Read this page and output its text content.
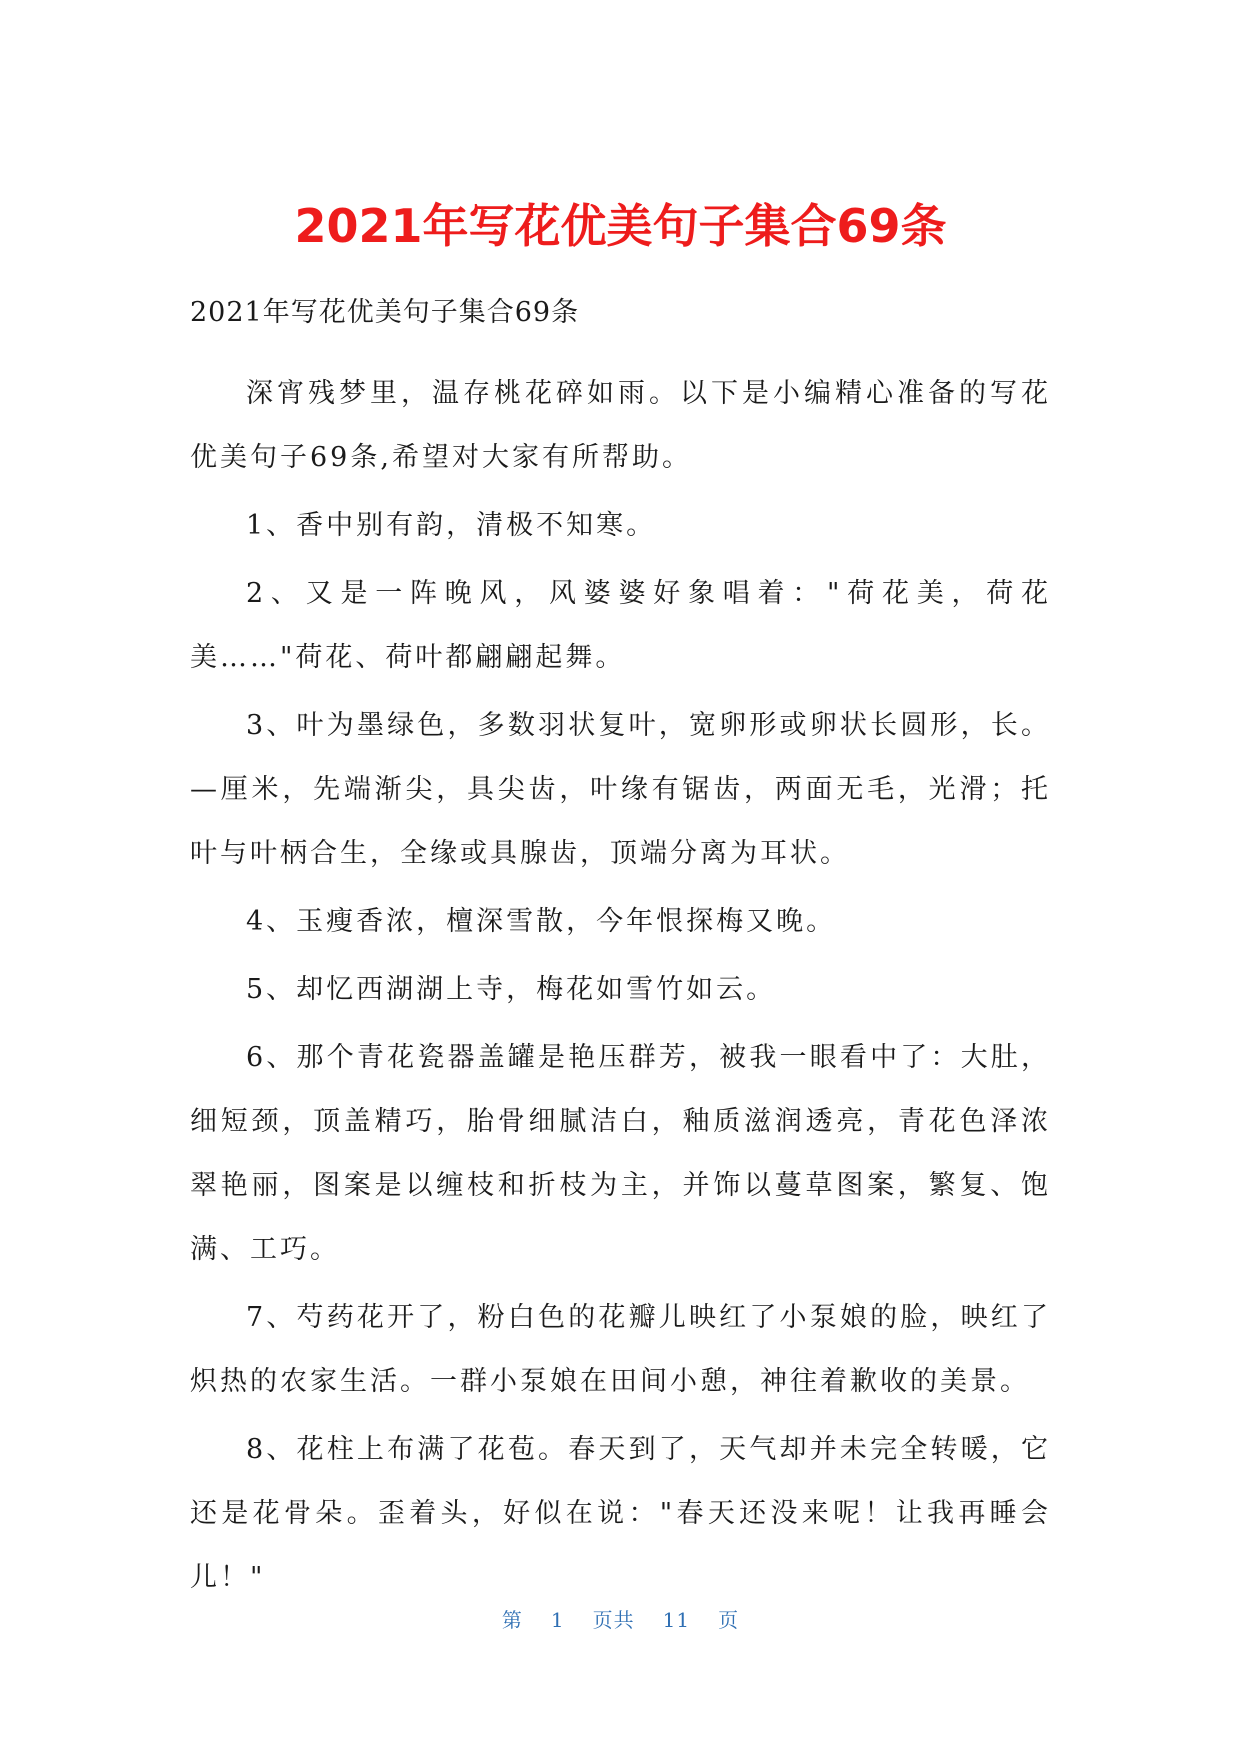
2021年写花优美句子集合69条

2021年写花优美句子集合69条

深宵残梦里，温存桃花碎如雨。以下是小编精心准备的写花优美句子69条,希望对大家有所帮助。

1、香中别有韵，清极不知寒。

2、又是一阵晚风，风婆婆好象唱着："荷花美，荷花美……"荷花、荷叶都翩翩起舞。

3、叶为墨绿色，多数羽状复叶，宽卵形或卵状长圆形，长。—厘米，先端渐尖，具尖齿，叶缘有锯齿，两面无毛，光滑；托叶与叶柄合生，全缘或具腺齿，顶端分离为耳状。

4、玉瘦香浓，檀深雪散，今年恨探梅又晚。

5、却忆西湖湖上寺，梅花如雪竹如云。

6、那个青花瓷器盖罐是艳压群芳，被我一眼看中了：大肚，细短颈，顶盖精巧，胎骨细腻洁白，釉质滋润透亮，青花色泽浓翠艳丽，图案是以缠枝和折枝为主，并饰以蔓草图案，繁复、饱满、工巧。

7、芍药花开了，粉白色的花瓣儿映红了小泵娘的脸，映红了炽热的农家生活。一群小泵娘在田间小憩，神往着歉收的美景。

8、花柱上布满了花苞。春天到了，天气却并未完全转暖，它还是花骨朵。歪着头，好似在说："春天还没来呢！让我再睡会儿！"

第 1 页共 11 页
